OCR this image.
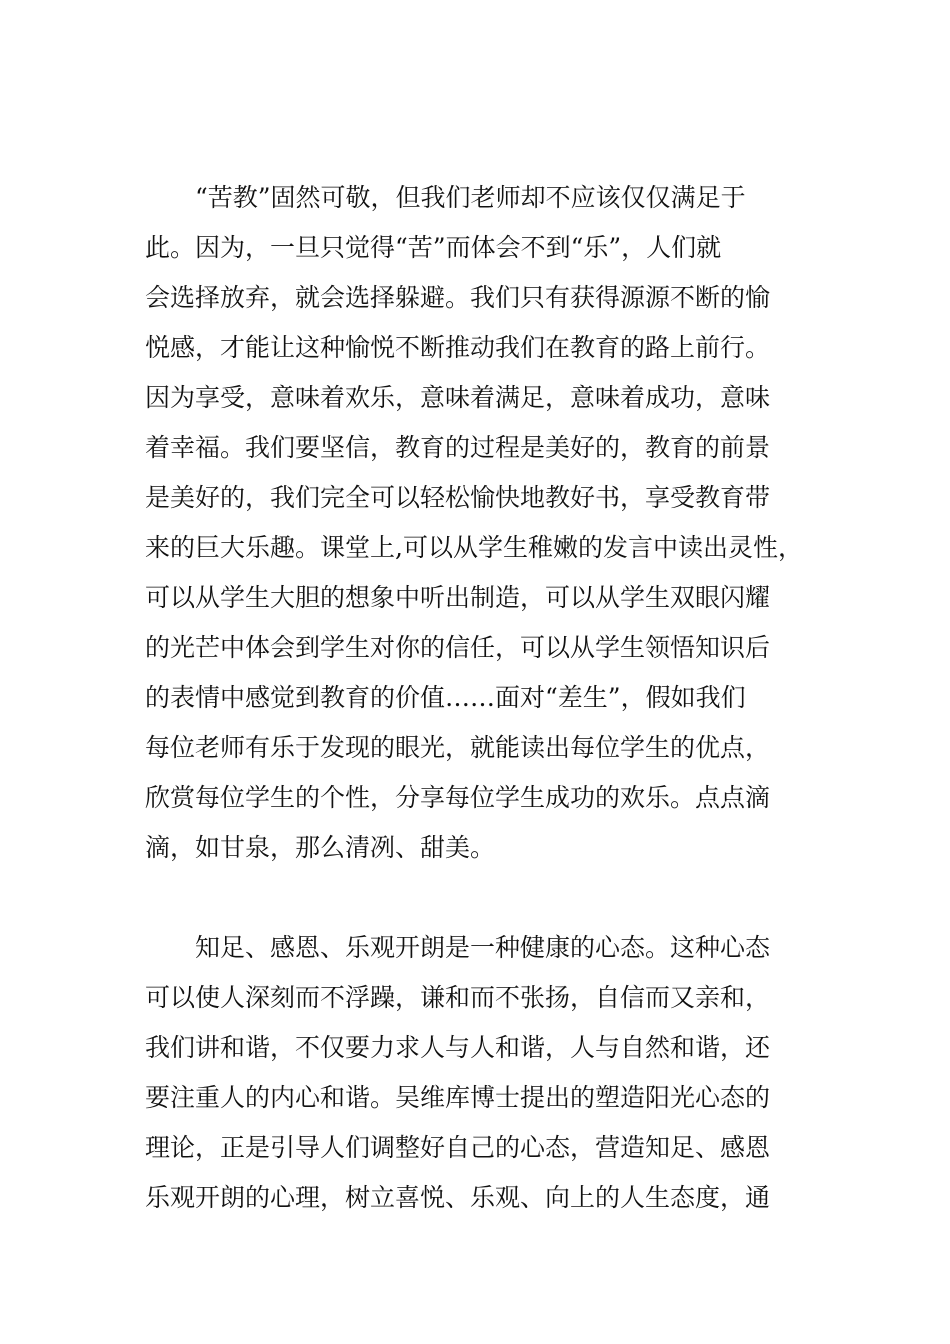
“苦教”固然可敬，但我们老师却不应该仅仅满足于

此。因为，一旦只觉得“苦”而体会不到“乐”，人们就

会选择放弃，就会选择躲避。我们只有获得源源不断的愉

悦感，才能让这种愉悦不断推动我们在教育的路上前行。

因为享受，意味着欢乐，意味着满足，意味着成功，意味

着幸福。我们要坚信，教育的过程是美好的，教育的前景

是美好的，我们完全可以轻松愉快地教好书，享受教育带

来的巨大乐趣。课堂上,可以从学生稚嫩的发言中读出灵性，

可以从学生大胆的想象中听出制造，可以从学生双眼闪耀

的光芒中体会到学生对你的信任，可以从学生领悟知识后

的表情中感觉到教育的价值……面对“差生”，假如我们

每位老师有乐于发现的眼光，就能读出每位学生的优点，

欣赏每位学生的个性，分享每位学生成功的欢乐。点点滴

滴，如甘泉，那么清冽、甜美。

知足、感恩、乐观开朗是一种健康的心态。这种心态

可以使人深刻而不浮躁，谦和而不张扬，自信而又亲和，

我们讲和谐，不仅要力求人与人和谐，人与自然和谐，还

要注重人的内心和谐。吴维库博士提出的塑造阳光心态的

理论，正是引导人们调整好自己的心态，营造知足、感恩

乐观开朗的心理，树立喜悦、乐观、向上的人生态度，通
